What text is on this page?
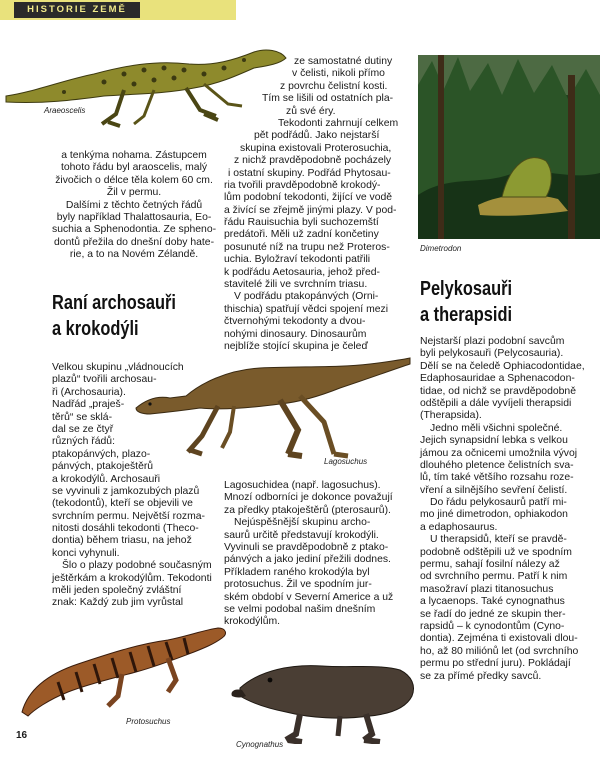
HISTORIE ZEMĚ
Araeoscelis
a tenkýma nohama. Zástupcem
tohoto řádu byl araoscelis, malý
živočich o délce těla kolem 60 cm.
Žil v permu.
Dalšími z těchto četných řádů
byly například Thalattosauria, Eo-
suchia a Sphenodontia. Ze spheno-
dontů přežila do dnešní doby hate-
rie, a to na Novém Zélandě.
Raní archosauři
a krokodýli
Velkou skupinu „vládnoucích
plazů“ tvořili archosau-
ři (Archosauria).
Nadřád „praješ-
těrů“ se sklá-
dal se ze čtyř
různých řádů:
ptakopánvých, plazo-
pánvých, ptakoještěrů
a krokodýlů. Archosauři
se vyvinuli z jamkozubých plazů
(tekodontů), kteří se objevili ve
svrchním permu. Největší rozma-
nitosti dosáhli tekodonti (Theco-
dontia) během triasu, na jehož
konci vyhynuli.
Šlo o plazy podobné současným
ještěrkám a krokodýlům. Tekodonti
měli jeden společný zvláštní
znak: Každý zub jim vyrůstal
Lagosuchus
ze samostatné dutiny
v čelisti, nikoli přímo
z povrchu čelistní kosti.
Tím se lišili od ostatních pla-
zů své éry.
Tekodonti zahrnují celkem
pět podřádů. Jako nejstarší
skupina existovali Proterosuchia,
z nichž pravděpodobně pocházely
i ostatní skupiny. Podřád Phytosau-
ria tvořili pravděpodobně krokodý-
lům podobní tekodonti, žijící ve vodě
a živící se zřejmě jinými plazy. V pod-
řádu Rauisuchia byli suchozemští
predátoři. Měli už zadní končetiny
posunuté níž na trupu než Proteros-
uchia. Byložraví tekodonti patřili
k podřádu Aetosauria, jehož před-
stavitelé žili ve svrchním triasu.
V podřádu ptakopánvých (Orni-
thischia) spatřují vědci spojení mezi
čtvernohými tekodonty a dvou-
nohými dinosaury. Dinosaurům
nejblíže stojící skupina je čeleď
Lagosuchidea (např. lagosuchus).
Mnozí odborníci je dokonce považují
za předky ptakoještěrů (pterosaurů).
Nejúspěšnější skupinu archo-
saurů určitě představují krokodýli.
Vyvinuli se pravděpodobně z ptako-
pánvých a jako jediní přežili dodnes.
Příkladem raného krokodýla byl
protosuchus. Žil ve spodním jur-
ském období v Severní Americe a už
se velmi podobal našim dnešním
krokodýlům.
Dimetrodon
Pelykosauři
a therapsidi
Nejstarší plazi podobní savcům
byli pelykosauři (Pelycosauria).
Dělí se na čeledě Ophiacodontidae,
Edaphosauridae a Sphenacodon-
tidae, od nichž se pravděpodobně
odštěpili a dále vyvíjeli therapsidi
(Therapsida).
Jedno měli všichni společné.
Jejich synapsidní lebka s velkou
jámou za očnicemi umožnila vývoj
dlouhého pletence čelistních sva-
lů, tím také většího rozsahu roze-
vření a silnějšího sevření čelistí.
Do řádu pelykosaurů patří mi-
mo jiné dimetrodon, ophiakodon
a edaphosaurus.
U therapsidů, kteří se pravdě-
podobně odštěpili už ve spodním
permu, sahají fosilní nálezy až
od svrchního permu. Patří k nim
masožraví plazi titanosuchus
a lycaenops. Také cynognathus
se řadí do jedné ze skupin ther-
rapsidů – k cynodontům (Cyno-
dontia). Zejména ti existovali dlou-
ho, až 80 miliónů let (od svrchního
permu po střední juru). Pokládají
se za přímé předky savců.
Protosuchus
Cynognathus
16
